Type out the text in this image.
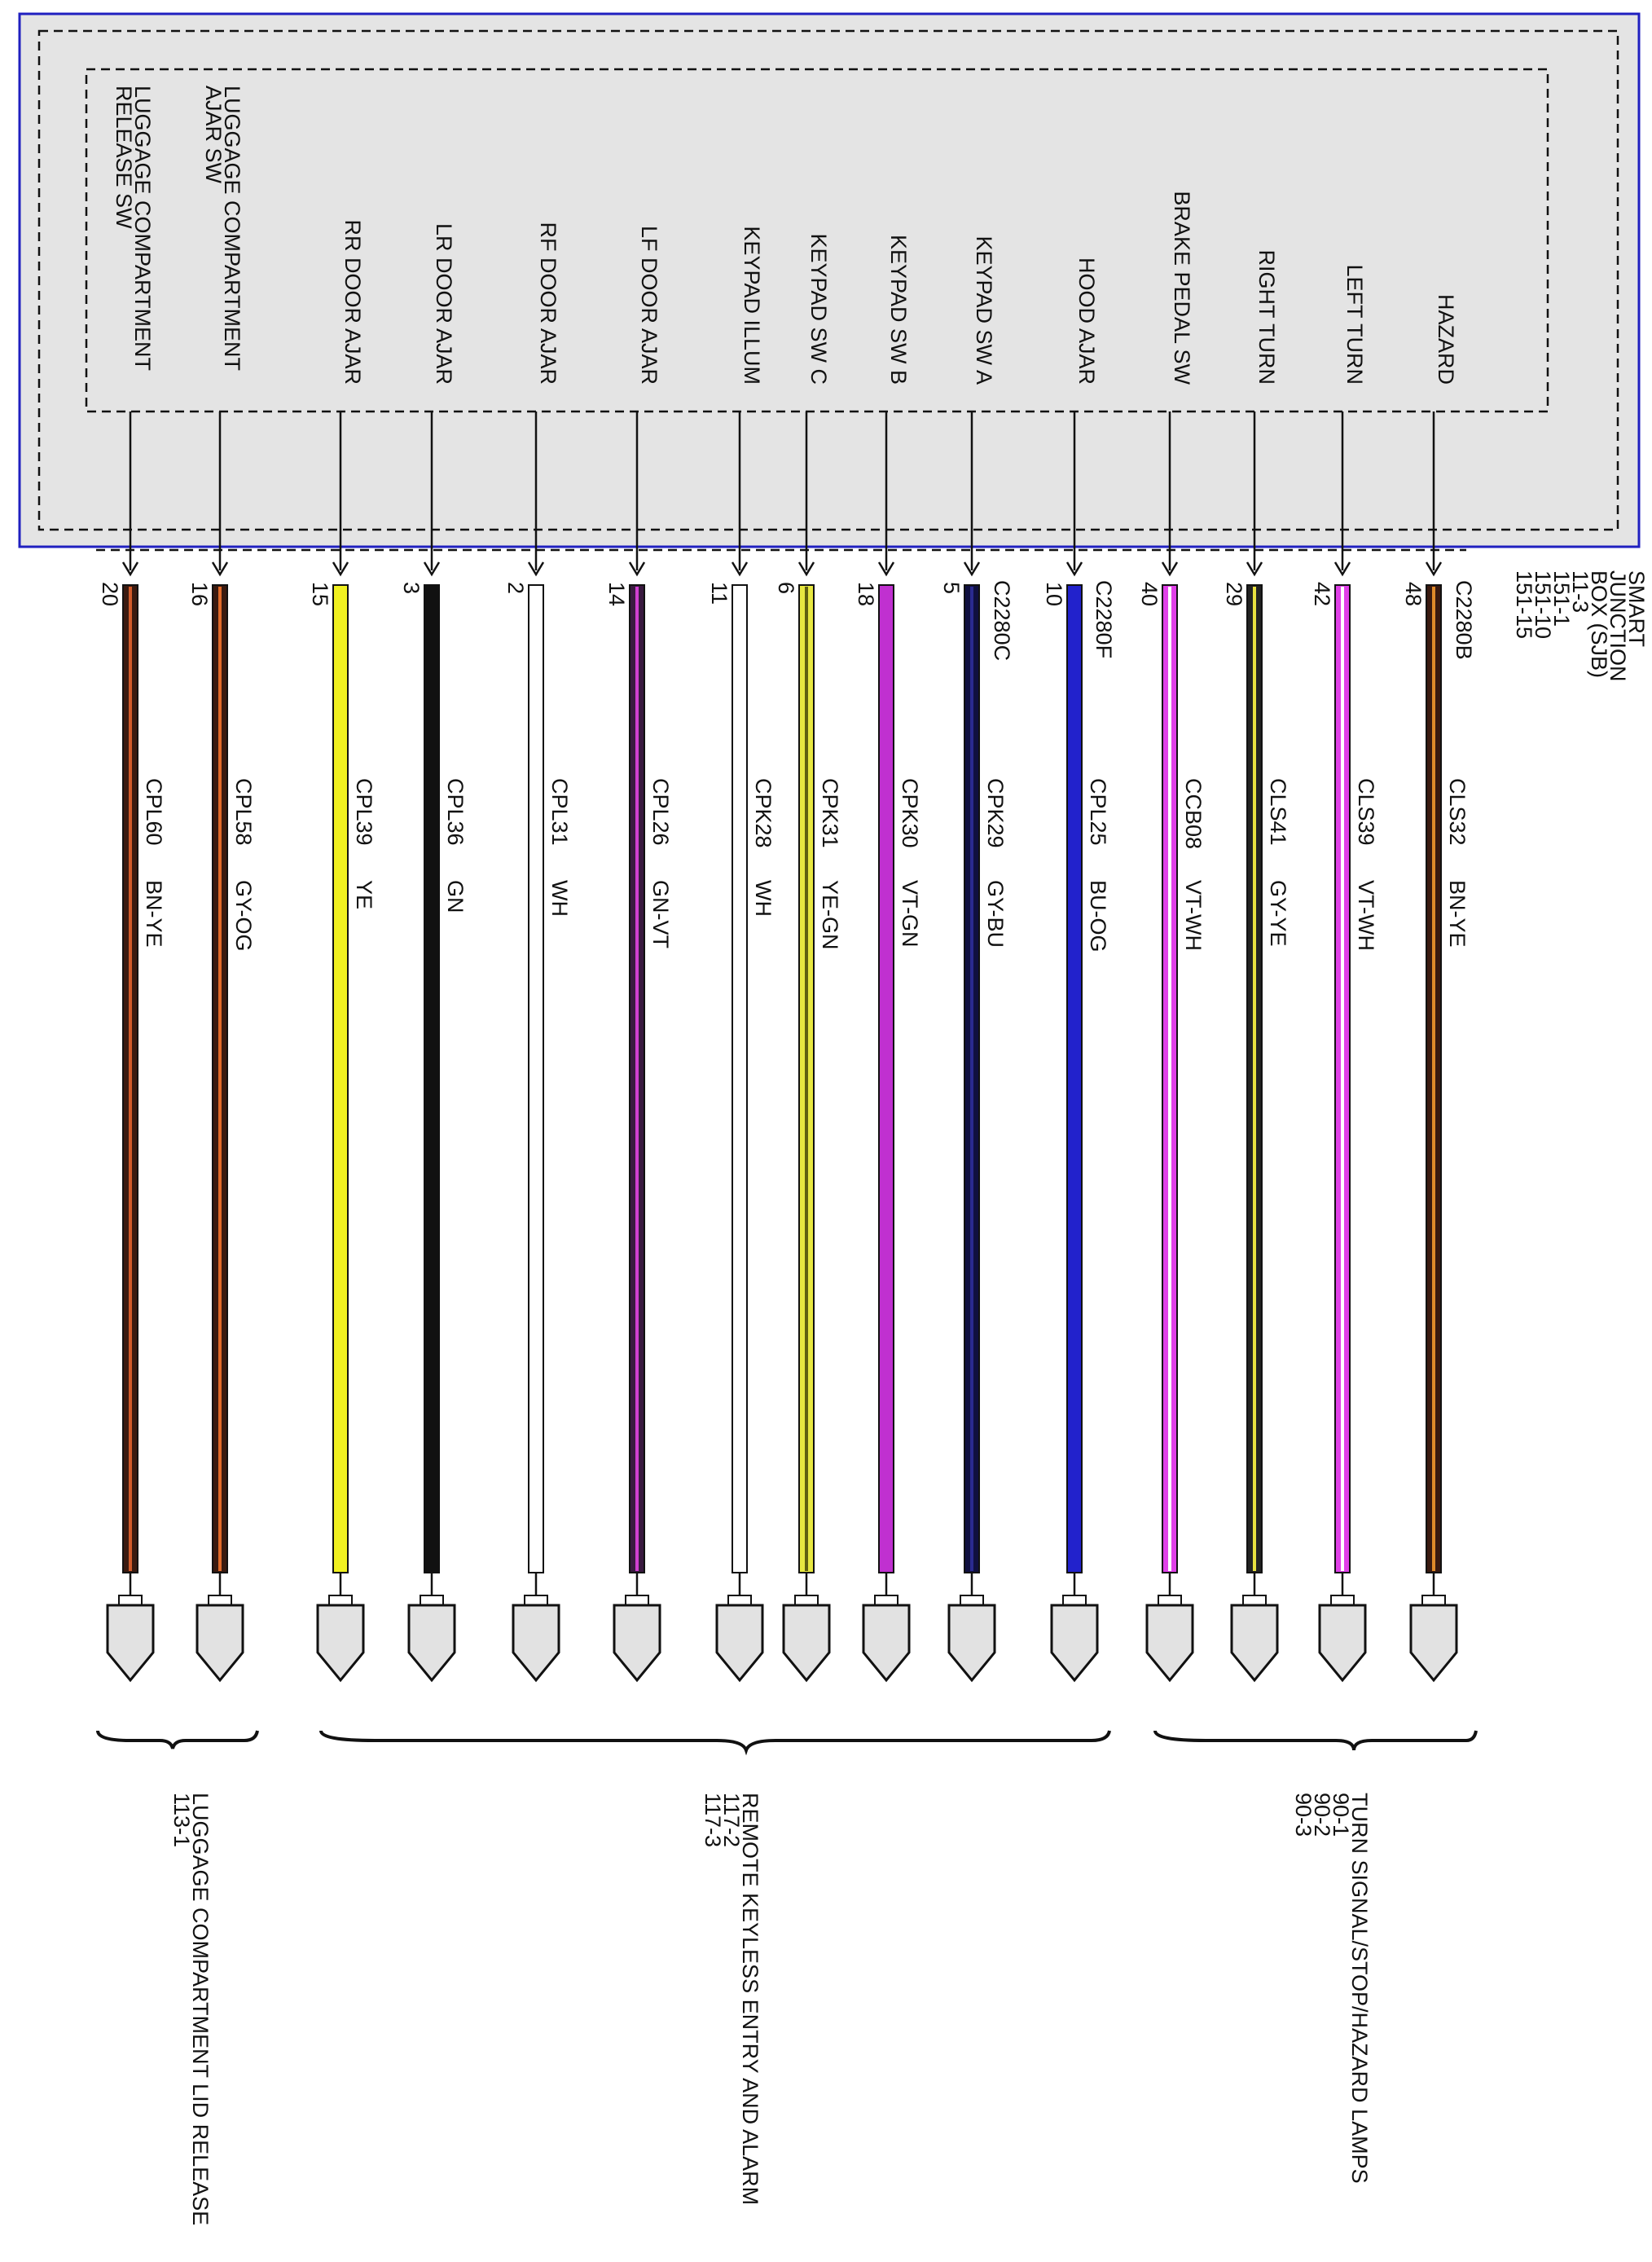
SMART JUNCTION BOX (SJB) 11-3 151-1 151-10 151-15
C2280B
C2280F
C2280C
HAZARD
48
CLS32
BN-YE
LEFT TURN
42
CLS39
VT-WH
RIGHT TURN
29
CLS41
GY-YE
BRAKE PEDAL SW
40
CCB08
VT-WH
HOOD AJAR
10
CPL25
BU-OG
KEYPAD SW A
5
CPK29
GY-BU
KEYPAD SW B
18
CPK30
VT-GN
KEYPAD SW C
6
CPK31
YE-GN
KEYPAD ILLUM
11
CPK28
WH
LF DOOR AJAR
14
CPL26
GN-VT
RF DOOR AJAR
2
CPL31
WH
LR DOOR AJAR
3
CPL36
GN
RR DOOR AJAR
15
CPL39
YE
LUGGAGE COMPARTMENTAJAR SW
16
CPL58
GY-OG
LUGGAGE COMPARTMENTRELEASE SW
20
CPL60
BN-YE
TURN SIGNAL/STOP/HAZARD LAMPS 90-1 90-2 90-3
REMOTE KEYLESS ENTRY AND ALARM 117-2 117-3
LUGGAGE COMPARTMENT LID RELEASE 113-1
